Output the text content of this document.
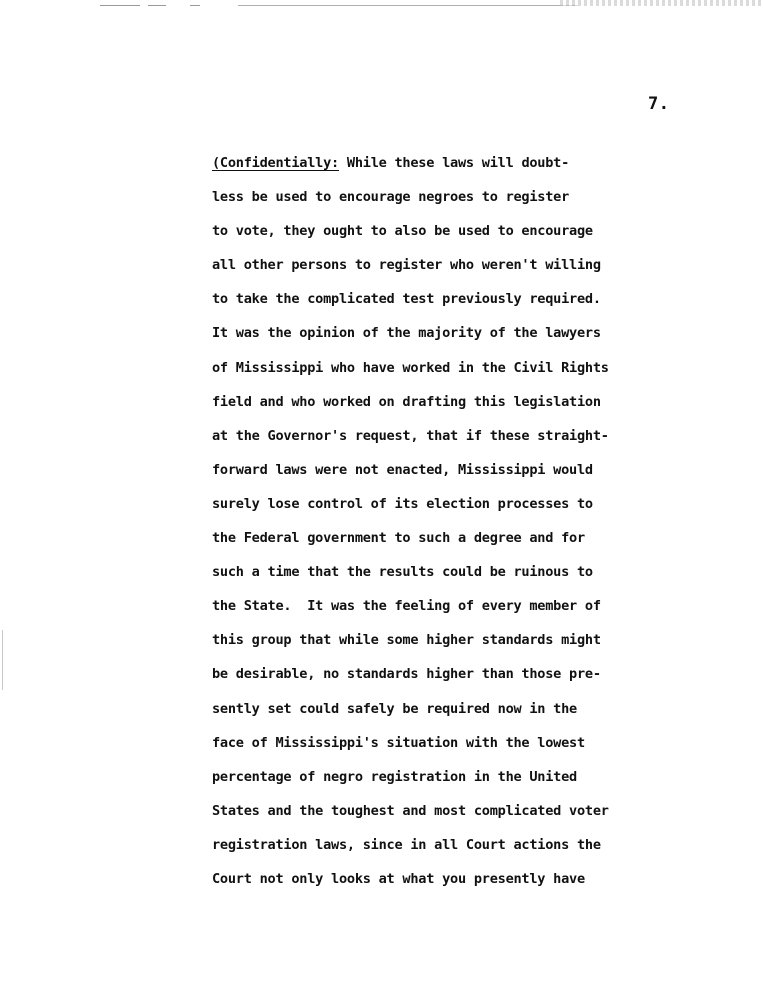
7.
(Confidentially: While these laws will doubt-
less be used to encourage negroes to register
to vote, they ought to also be used to encourage
all other persons to register who weren't willing
to take the complicated test previously required.
It was the opinion of the majority of the lawyers
of Mississippi who have worked in the Civil Rights
field and who worked on drafting this legislation
at the Governor's request, that if these straight-
forward laws were not enacted, Mississippi would
surely lose control of its election processes to
the Federal government to such a degree and for
such a time that the results could be ruinous to
the State.  It was the feeling of every member of
this group that while some higher standards might
be desirable, no standards higher than those pre-
sently set could safely be required now in the
face of Mississippi's situation with the lowest
percentage of negro registration in the United
States and the toughest and most complicated voter
registration laws, since in all Court actions the
Court not only looks at what you presently have
